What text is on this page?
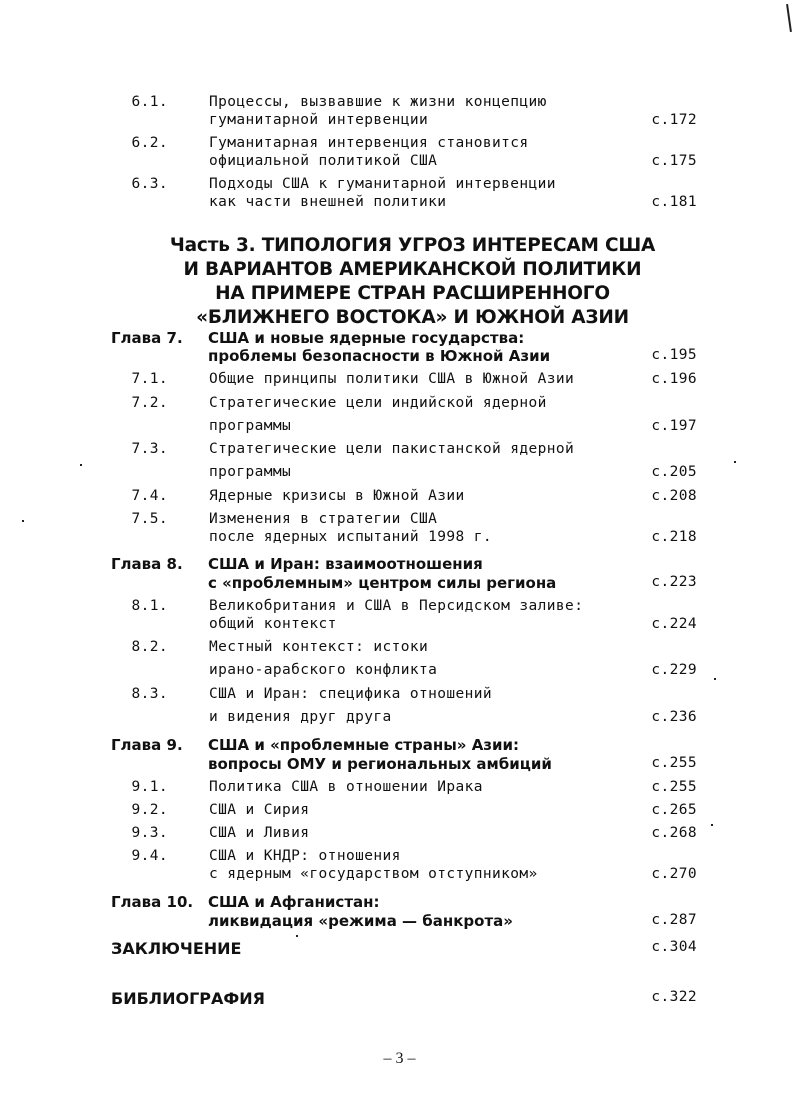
6.1.	Процессы, вызвавшие к жизни концепцию
гуманитарной интервенции	с.172
6.2.	Гуманитарная интервенция становится
официальной политикой США	с.175
6.3.	Подходы США к гуманитарной интервенции
как части внешней политики	с.181
Часть 3. ТИПОЛОГИЯ УГРОЗ ИНТЕРЕСАМ США
И ВАРИАНТОВ АМЕРИКАНСКОЙ ПОЛИТИКИ
НА ПРИМЕРЕ СТРАН РАСШИРЕННОГО
«БЛИЖНЕГО ВОСТОКА» И ЮЖНОЙ АЗИИ
Глава 7. США и новые ядерные государства:
проблемы безопасности в Южной Азии	с.195
7.1.	Общие принципы политики США в Южной Азии	с.196
7.2.	Стратегические цели индийской ядерной
программы	с.197
7.3.	Стратегические цели пакистанской ядерной
программы	с.205
7.4.	Ядерные кризисы в Южной Азии	с.208
7.5.	Изменения в стратегии США
после ядерных испытаний 1998 г.	с.218
Глава 8. США и Иран: взаимоотношения
с «проблемным» центром силы региона	с.223
8.1.	Великобритания и США в Персидском заливе:
общий контекст	с.224
8.2.	Местный контекст: истоки
ирано-арабского конфликта	с.229
8.3.	США и Иран: специфика отношений
и видения друг друга	с.236
Глава 9. США и «проблемные страны» Азии:
вопросы ОМУ и региональных амбиций	с.255
9.1.	Политика США в отношении Ирака	с.255
9.2.	США и Сирия	с.265
9.3.	США и Ливия	с.268
9.4.	США и КНДР: отношения
с ядерным «государством отступником»	с.270
Глава 10. США и Афганистан:
ликвидация «режима — банкрота»	с.287
ЗАКЛЮЧЕНИЕ	с.304
БИБЛИОГРАФИЯ	с.322
– 3 –
